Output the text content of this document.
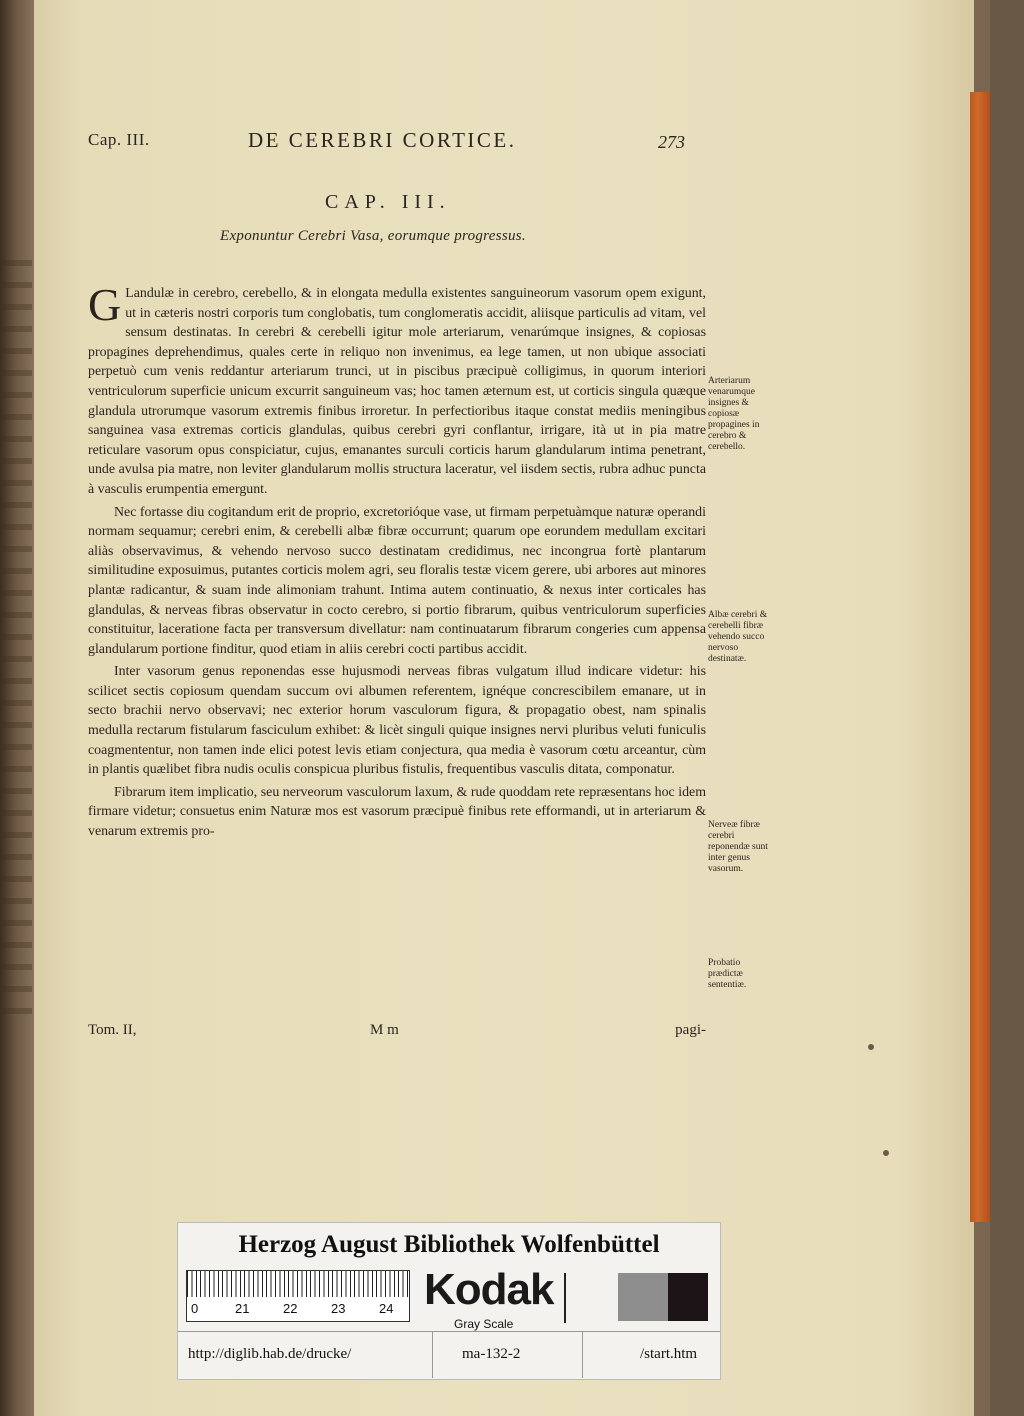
Cap. III.	DE CEREBRI CORTICE.	273
CAP. III.
Exponuntur Cerebri Vasa, eorumque progressus.

GLandulæ in cerebro, cerebello, & in elongata medulla existentes sanguineorum vasorum opem exigunt, ut in cæteris nostri corporis tum conglobatis, tum conglomeratis accidit, aliisque particulis ad vitam, vel sensum destinatas. In cerebri & cerebelli igitur mole arteriarum, venarúmque insignes, & copiosas propagines deprehendimus, quales certe in reliquo non invenimus, ea lege tamen, ut non ubique associati perpetuò cum venis reddantur arteriarum trunci, ut in piscibus præcipuè colligimus, in quorum interiori ventriculorum superficie unicum excurrit sanguineum vas; hoc tamen æternum est, ut corticis singula quæque glandula utrorumque vasorum extremis finibus irroretur. In perfectioribus itaque constat mediis meningibus sanguinea vasa extremas corticis glandulas, quibus cerebri gyri conflantur, irrigare, ità ut in pia matre reticulare vasorum opus conspiciatur, cujus, emanantes surculi corticis harum glandularum intima penetrant, unde avulsa pia matre, non leviter glandularum mollis structura laceratur, vel iisdem sectis, rubra adhuc puncta à vasculis erumpentia emergunt.

Nec fortasse diu cogitandum erit de proprio, excretorióque vase, ut firmam perpetuàmque naturæ operandi normam sequamur; cerebri enim, & cerebelli albæ fibræ occurrunt; quarum ope eorundem medullam excitari aliàs observavimus, & vehendo nervoso succo destinatam credidimus, nec incongrua fortè plantarum similitudine exposuimus, putantes corticis molem agri, seu floralis testæ vicem gerere, ubi arbores aut minores plantæ radicantur, & suam inde alimoniam trahunt. Intima autem continuatio, & nexus inter corticales has glandulas, & nerveas fibras observatur in cocto cerebro, si portio fibrarum, quibus ventriculorum superficies constituitur, laceratione facta per transversum divellatur: nam continuatarum fibrarum congeries cum appensa glandularum portione finditur, quod etiam in aliis cerebri cocti partibus accidit.

Inter vasorum genus reponendas esse hujusmodi nerveas fibras vulgatum illud indicare videtur: his scilicet sectis copiosum quendam succum ovi albumen referentem, ignéque concrescibilem emanare, ut in secto brachii nervo observavi; nec exterior horum vasculorum figura, & propagatio obest, nam spinalis medulla rectarum fistularum fasciculum exhibet: & licèt singuli quique insignes nervi pluribus veluti funiculis coagmententur, non tamen inde elici potest levis etiam conjectura, qua media è vasorum cœtu arceantur, cùm in plantis quælibet fibra nudis oculis conspicua pluribus fistulis, frequentibus vasculis ditata, componatur.

Fibrarum item implicatio, seu nerveorum vasculorum laxum, & rude quoddam rete repræsentans hoc idem firmare videtur; consuetus enim Naturæ mos est vasorum præcipuè finibus rete efformandi, ut in arteriarum & venarum extremis pro-

Arteriarum venarumque insignes & copiosæ propagines in cerebro & cerebello.
Albæ cerebri & cerebelli fibræ vehendo succo nervoso destinatæ.
Nerveæ fibræ cerebri reponendæ sunt inter genus vasorum.
Probatio prædictæ sententiæ.
Tom. II,	M m	pagi-
Herzog August Bibliothek Wolfenbüttel
0	21	22	23	24 Kodak
Gray Scale
http://diglib.hab.de/drucke/	ma-132-2	/start.htm
